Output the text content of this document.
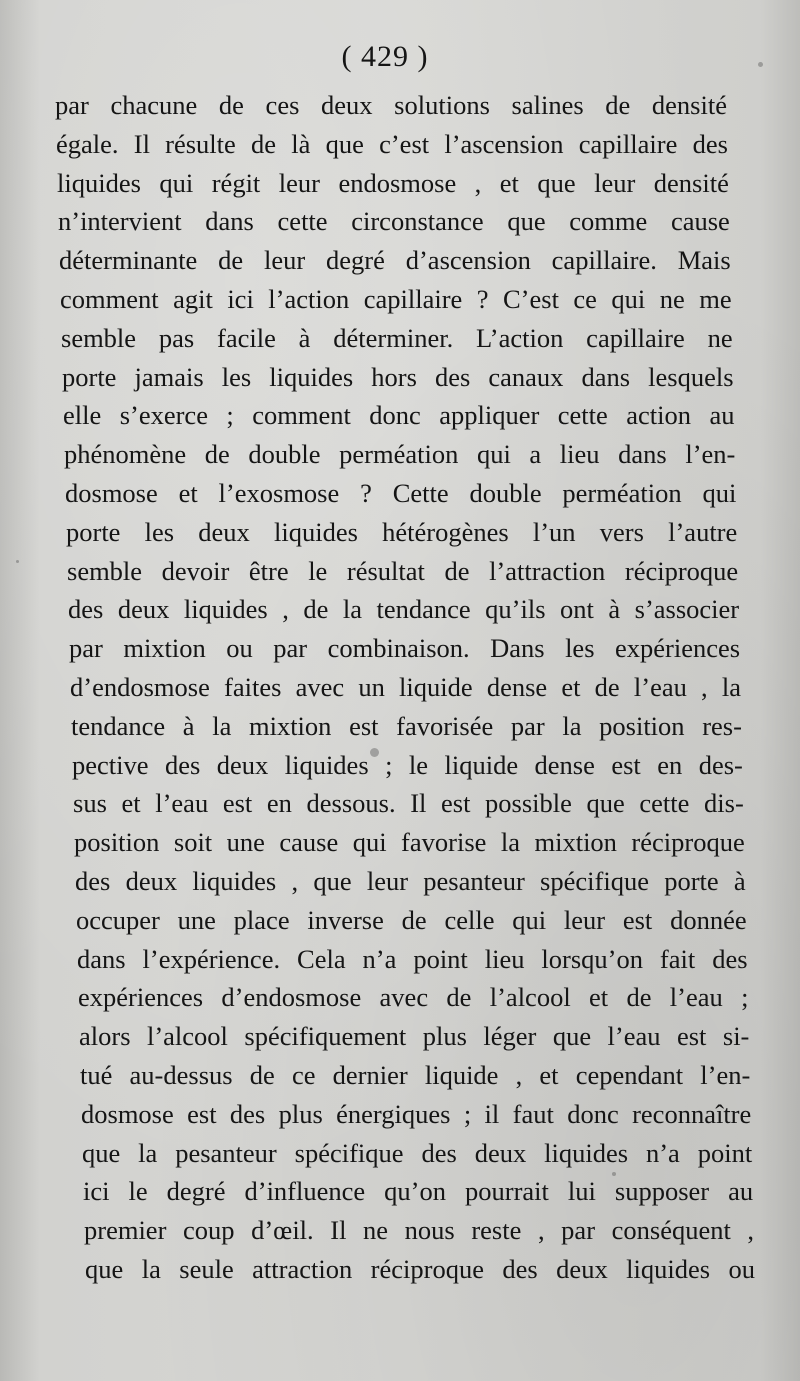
( 429 )
par chacune de ces deux solutions salines de densité
égale. Il résulte de là que c’est l’ascension capillaire des
liquides qui régit leur endosmose , et que leur densité
n’intervient dans cette circonstance que comme cause
déterminante de leur degré d’ascension capillaire. Mais
comment agit ici l’action capillaire ? C’est ce qui ne me
semble pas facile à déterminer. L’action capillaire ne
porte jamais les liquides hors des canaux dans lesquels
elle s’exerce ; comment donc appliquer cette action au
phénomène de double perméation qui a lieu dans l’en-
dosmose et l’exosmose ? Cette double perméation qui
porte les deux liquides hétérogènes l’un vers l’autre
semble devoir être le résultat de l’attraction réciproque
des deux liquides , de la tendance qu’ils ont à s’associer
par mixtion ou par combinaison. Dans les expériences
d’endosmose faites avec un liquide dense et de l’eau , la
tendance à la mixtion est favorisée par la position res-
pective des deux liquides ; le liquide dense est en des-
sus et l’eau est en dessous. Il est possible que cette dis-
position soit une cause qui favorise la mixtion réciproque
des deux liquides , que leur pesanteur spécifique porte à
occuper une place inverse de celle qui leur est donnée
dans l’expérience. Cela n’a point lieu lorsqu’on fait des
expériences d’endosmose avec de l’alcool et de l’eau ;
alors l’alcool spécifiquement plus léger que l’eau est si-
tué au-dessus de ce dernier liquide , et cependant l’en-
dosmose est des plus énergiques ; il faut donc reconnaître
que la pesanteur spécifique des deux liquides n’a point
ici le degré d’influence qu’on pourrait lui supposer au
premier coup d’œil. Il ne nous reste , par conséquent ,
que la seule attraction réciproque des deux liquides ou
